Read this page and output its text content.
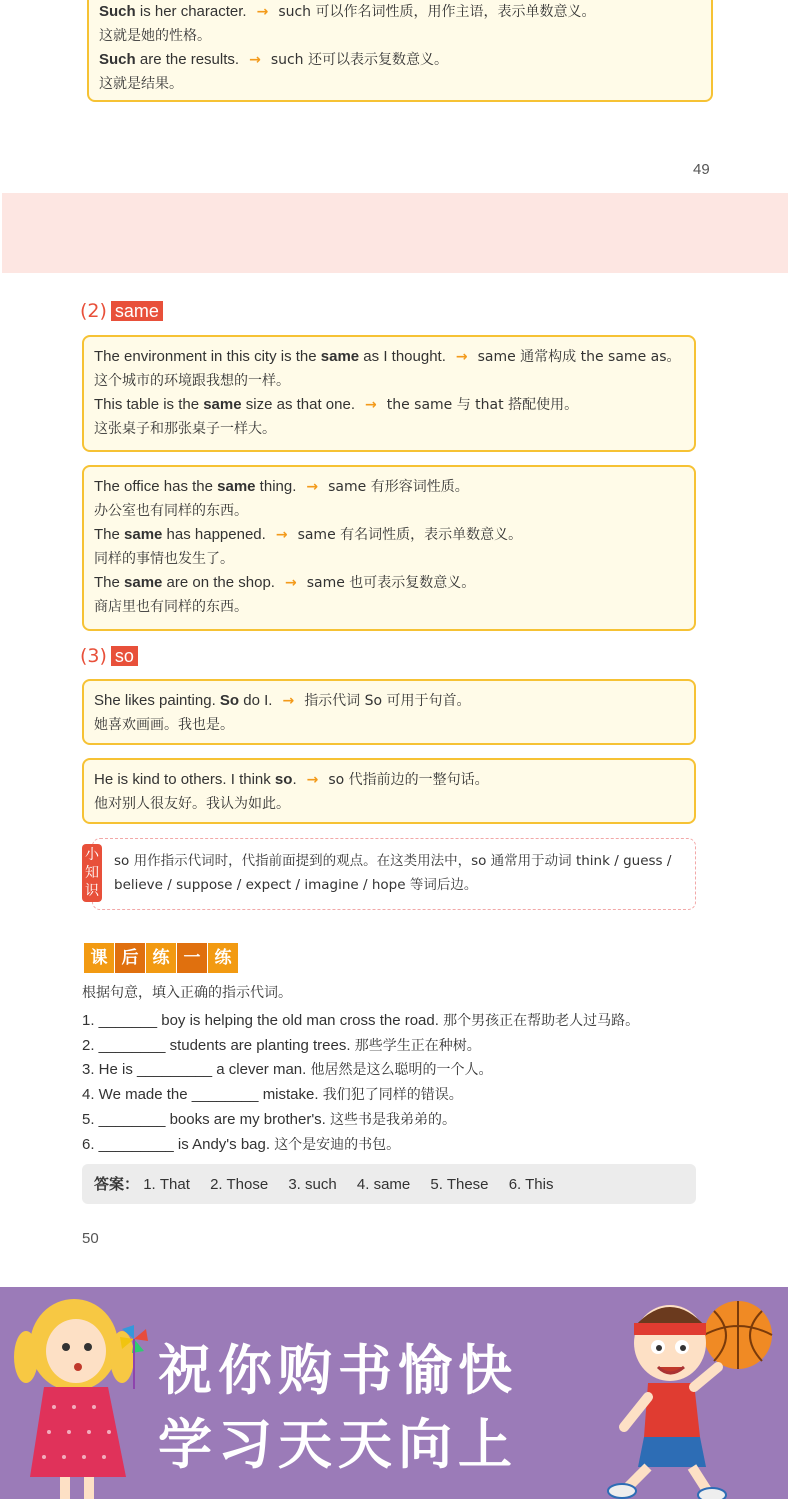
Such is her character. → such 可以作名词性质，用作主语，表示单数意义。
这就是她的性格。
Such are the results. → such 还可以表示复数意义。
这就是结果。
49
(2) same
The environment in this city is the same as I thought. → same 通常构成 the same as。
这个城市的环境跟我想的一样。
This table is the same size as that one. → the same 与 that 搭配使用。
这张桌子和那张桌子一样大。
The office has the same thing. → same 有形容词性质。
办公室也有同样的东西。
The same has happened. → same 有名词性质，表示单数意义。
同样的事情也发生了。
The same are on the shop. → same 也可表示复数意义。
商店里也有同样的东西。
(3) so
She likes painting. So do I. → 指示代词 So 可用于句首。
她喜欢画画。我也是。
He is kind to others. I think so. → so 代指前边的一整句话。
他对别人很友好。我认为如此。
小
知
识
so 用作指示代词时，代指前面提到的观点。在这类用法中，so 通常用于动词 think / guess /
believe / suppose / expect / imagine / hope 等词后边。
课 后 练 一 练
根据句意，填入正确的指示代词。
1. _______ boy is helping the old man cross the road. 那个男孩正在帮助老人过马路。
2. ________ students are planting trees. 那些学生正在种树。
3. He is _________ a clever man. 他居然是这么聪明的一个人。
4. We made the ________ mistake. 我们犯了同样的错误。
5. ________ books are my brother's. 这些书是我弟弟的。
6. _________ is Andy's bag. 这个是安迪的书包。
答案： 1. That 2. Those 3. such 4. same 5. These 6. This
50
祝你购书愉快
学习天天向上
